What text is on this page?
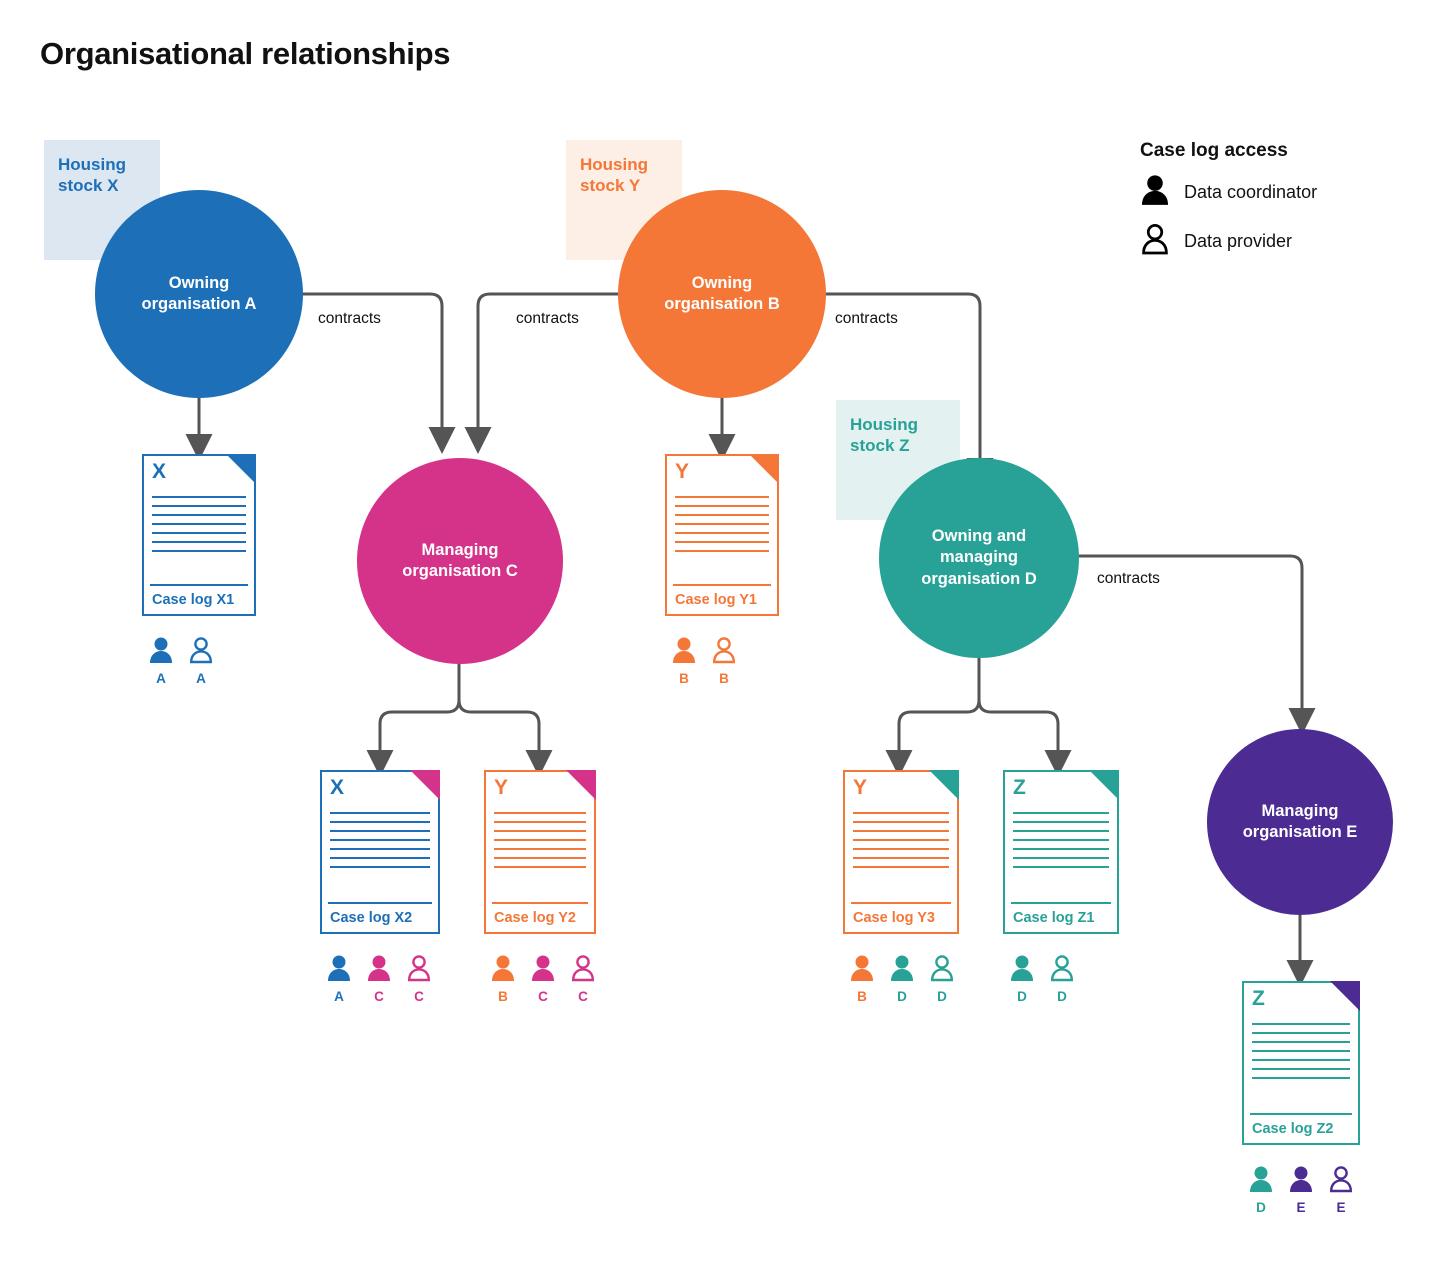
Organisational relationships
Housing
stock X
Housing
stock Y
Housing
stock Z
Owning
organisation A
Owning
organisation B
Managing
organisation C
Owning and
managing
organisation D
Managing
organisation E
contracts	contracts	contracts
contracts
X
Case log X1
A	A
Y
Case log Y1
B	B
X
Case log X2
A	C	C
Y
Case log Y2
B	C	C
Y
Case log Y3
B	D	D
Z
Case log Z1
D	D	Z
Case log Z2
D	E	E
Case log access
Data coordinator
Data provider
